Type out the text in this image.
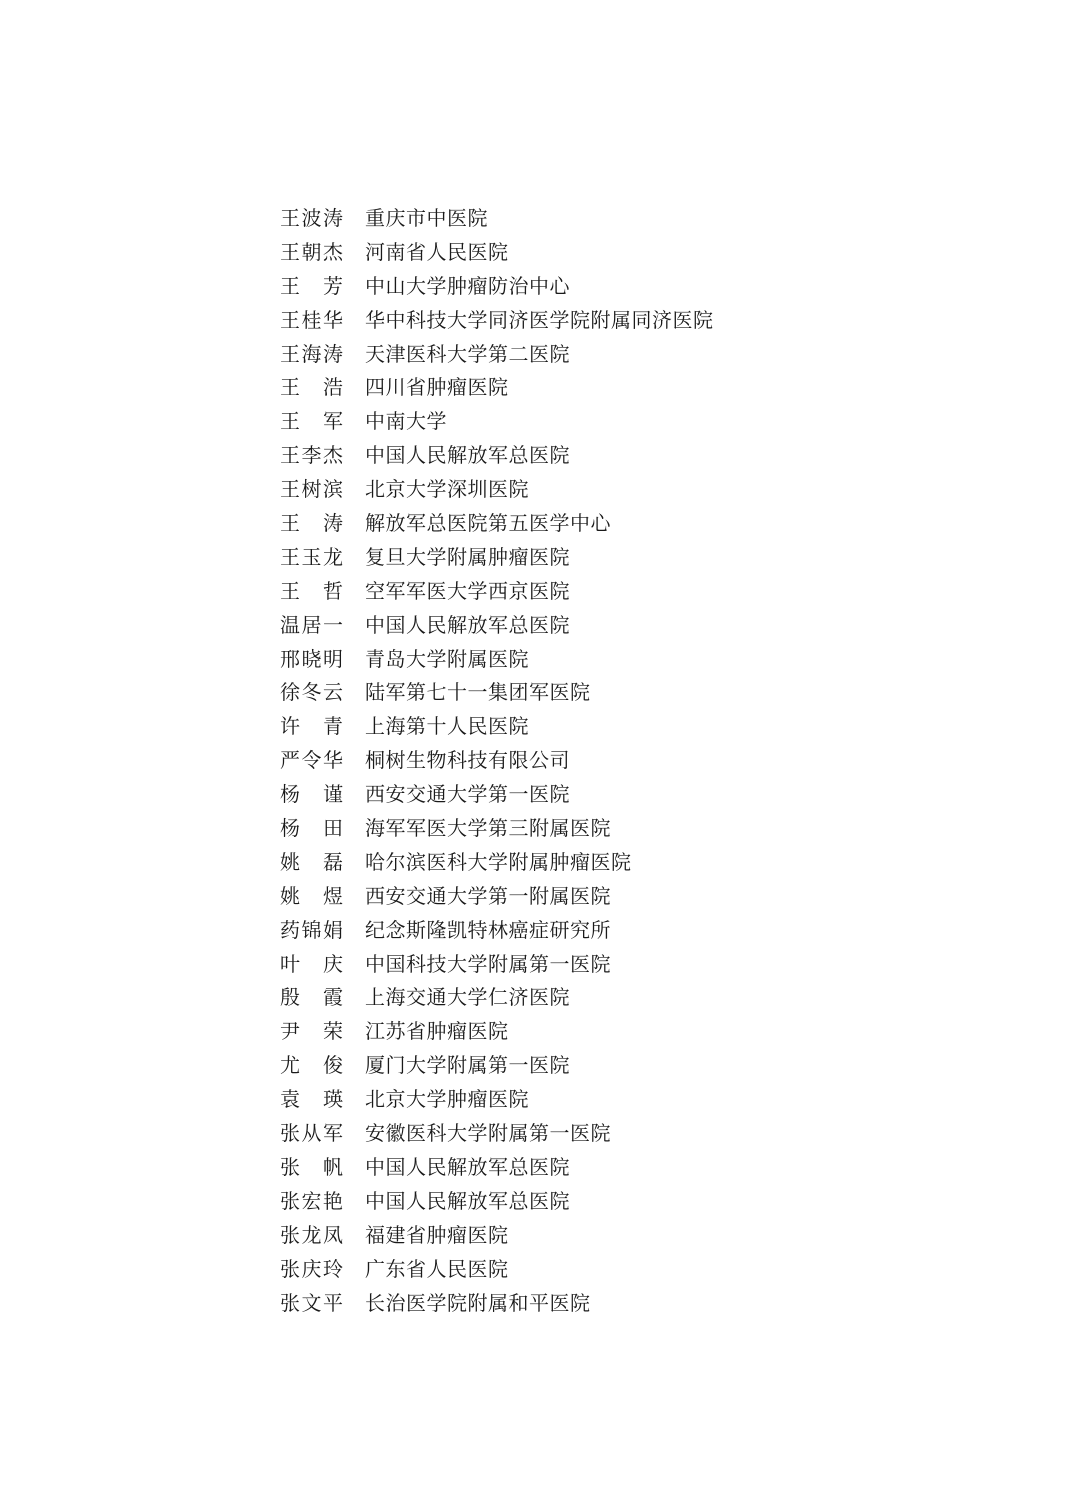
王 波 涛 重庆市中医院
王 朝 杰 河南省人民医院
王 芳 中山大学肿瘤防治中心
王 桂 华 华中科技大学同济医学院附属同济医院
王 海 涛 天津医科大学第二医院
王 浩 四川省肿瘤医院
王 军 中南大学
王 李 杰 中国人民解放军总医院
王 树 滨 北京大学深圳医院
王 涛 解放军总医院第五医学中心
王 玉 龙 复旦大学附属肿瘤医院
王 哲 空军军医大学西京医院
温 居 一 中国人民解放军总医院
邢 晓 明 青岛大学附属医院
徐 冬 云 陆军第七十一集团军医院
许 青 上海第十人民医院
严 令 华 桐树生物科技有限公司
杨 谨 西安交通大学第一医院
杨 田 海军军医大学第三附属医院
姚 磊 哈尔滨医科大学附属肿瘤医院
姚 煜 西安交通大学第一附属医院
药 锦 娟 纪念斯隆凯特林癌症研究所
叶 庆 中国科技大学附属第一医院
殷 霞 上海交通大学仁济医院
尹 荣 江苏省肿瘤医院
尤 俊 厦门大学附属第一医院
袁 瑛 北京大学肿瘤医院
张 从 军 安徽医科大学附属第一医院
张 帆 中国人民解放军总医院
张 宏 艳 中国人民解放军总医院
张 龙 凤 福建省肿瘤医院
张 庆 玲 广东省人民医院
张 文 平 长治医学院附属和平医院
